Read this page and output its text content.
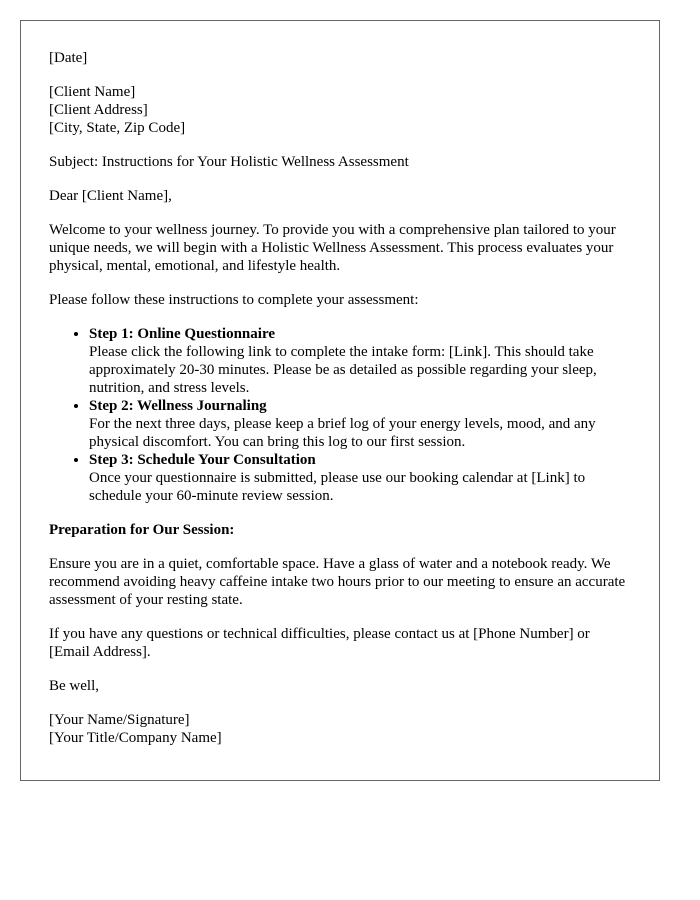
[Date]

[Client Name]
[Client Address]
[City, State, Zip Code]

Subject: Instructions for Your Holistic Wellness Assessment

Dear [Client Name],

Welcome to your wellness journey. To provide you with a comprehensive plan tailored to your unique needs, we will begin with a Holistic Wellness Assessment. This process evaluates your physical, mental, emotional, and lifestyle health.

Please follow these instructions to complete your assessment:

• Step 1: Online Questionnaire
Please click the following link to complete the intake form: [Link]. This should take approximately 20-30 minutes. Please be as detailed as possible regarding your sleep, nutrition, and stress levels.
• Step 2: Wellness Journaling
For the next three days, please keep a brief log of your energy levels, mood, and any physical discomfort. You can bring this log to our first session.
• Step 3: Schedule Your Consultation
Once your questionnaire is submitted, please use our booking calendar at [Link] to schedule your 60-minute review session.

Preparation for Our Session:

Ensure you are in a quiet, comfortable space. Have a glass of water and a notebook ready. We recommend avoiding heavy caffeine intake two hours prior to our meeting to ensure an accurate assessment of your resting state.

If you have any questions or technical difficulties, please contact us at [Phone Number] or [Email Address].

Be well,

[Your Name/Signature]
[Your Title/Company Name]
